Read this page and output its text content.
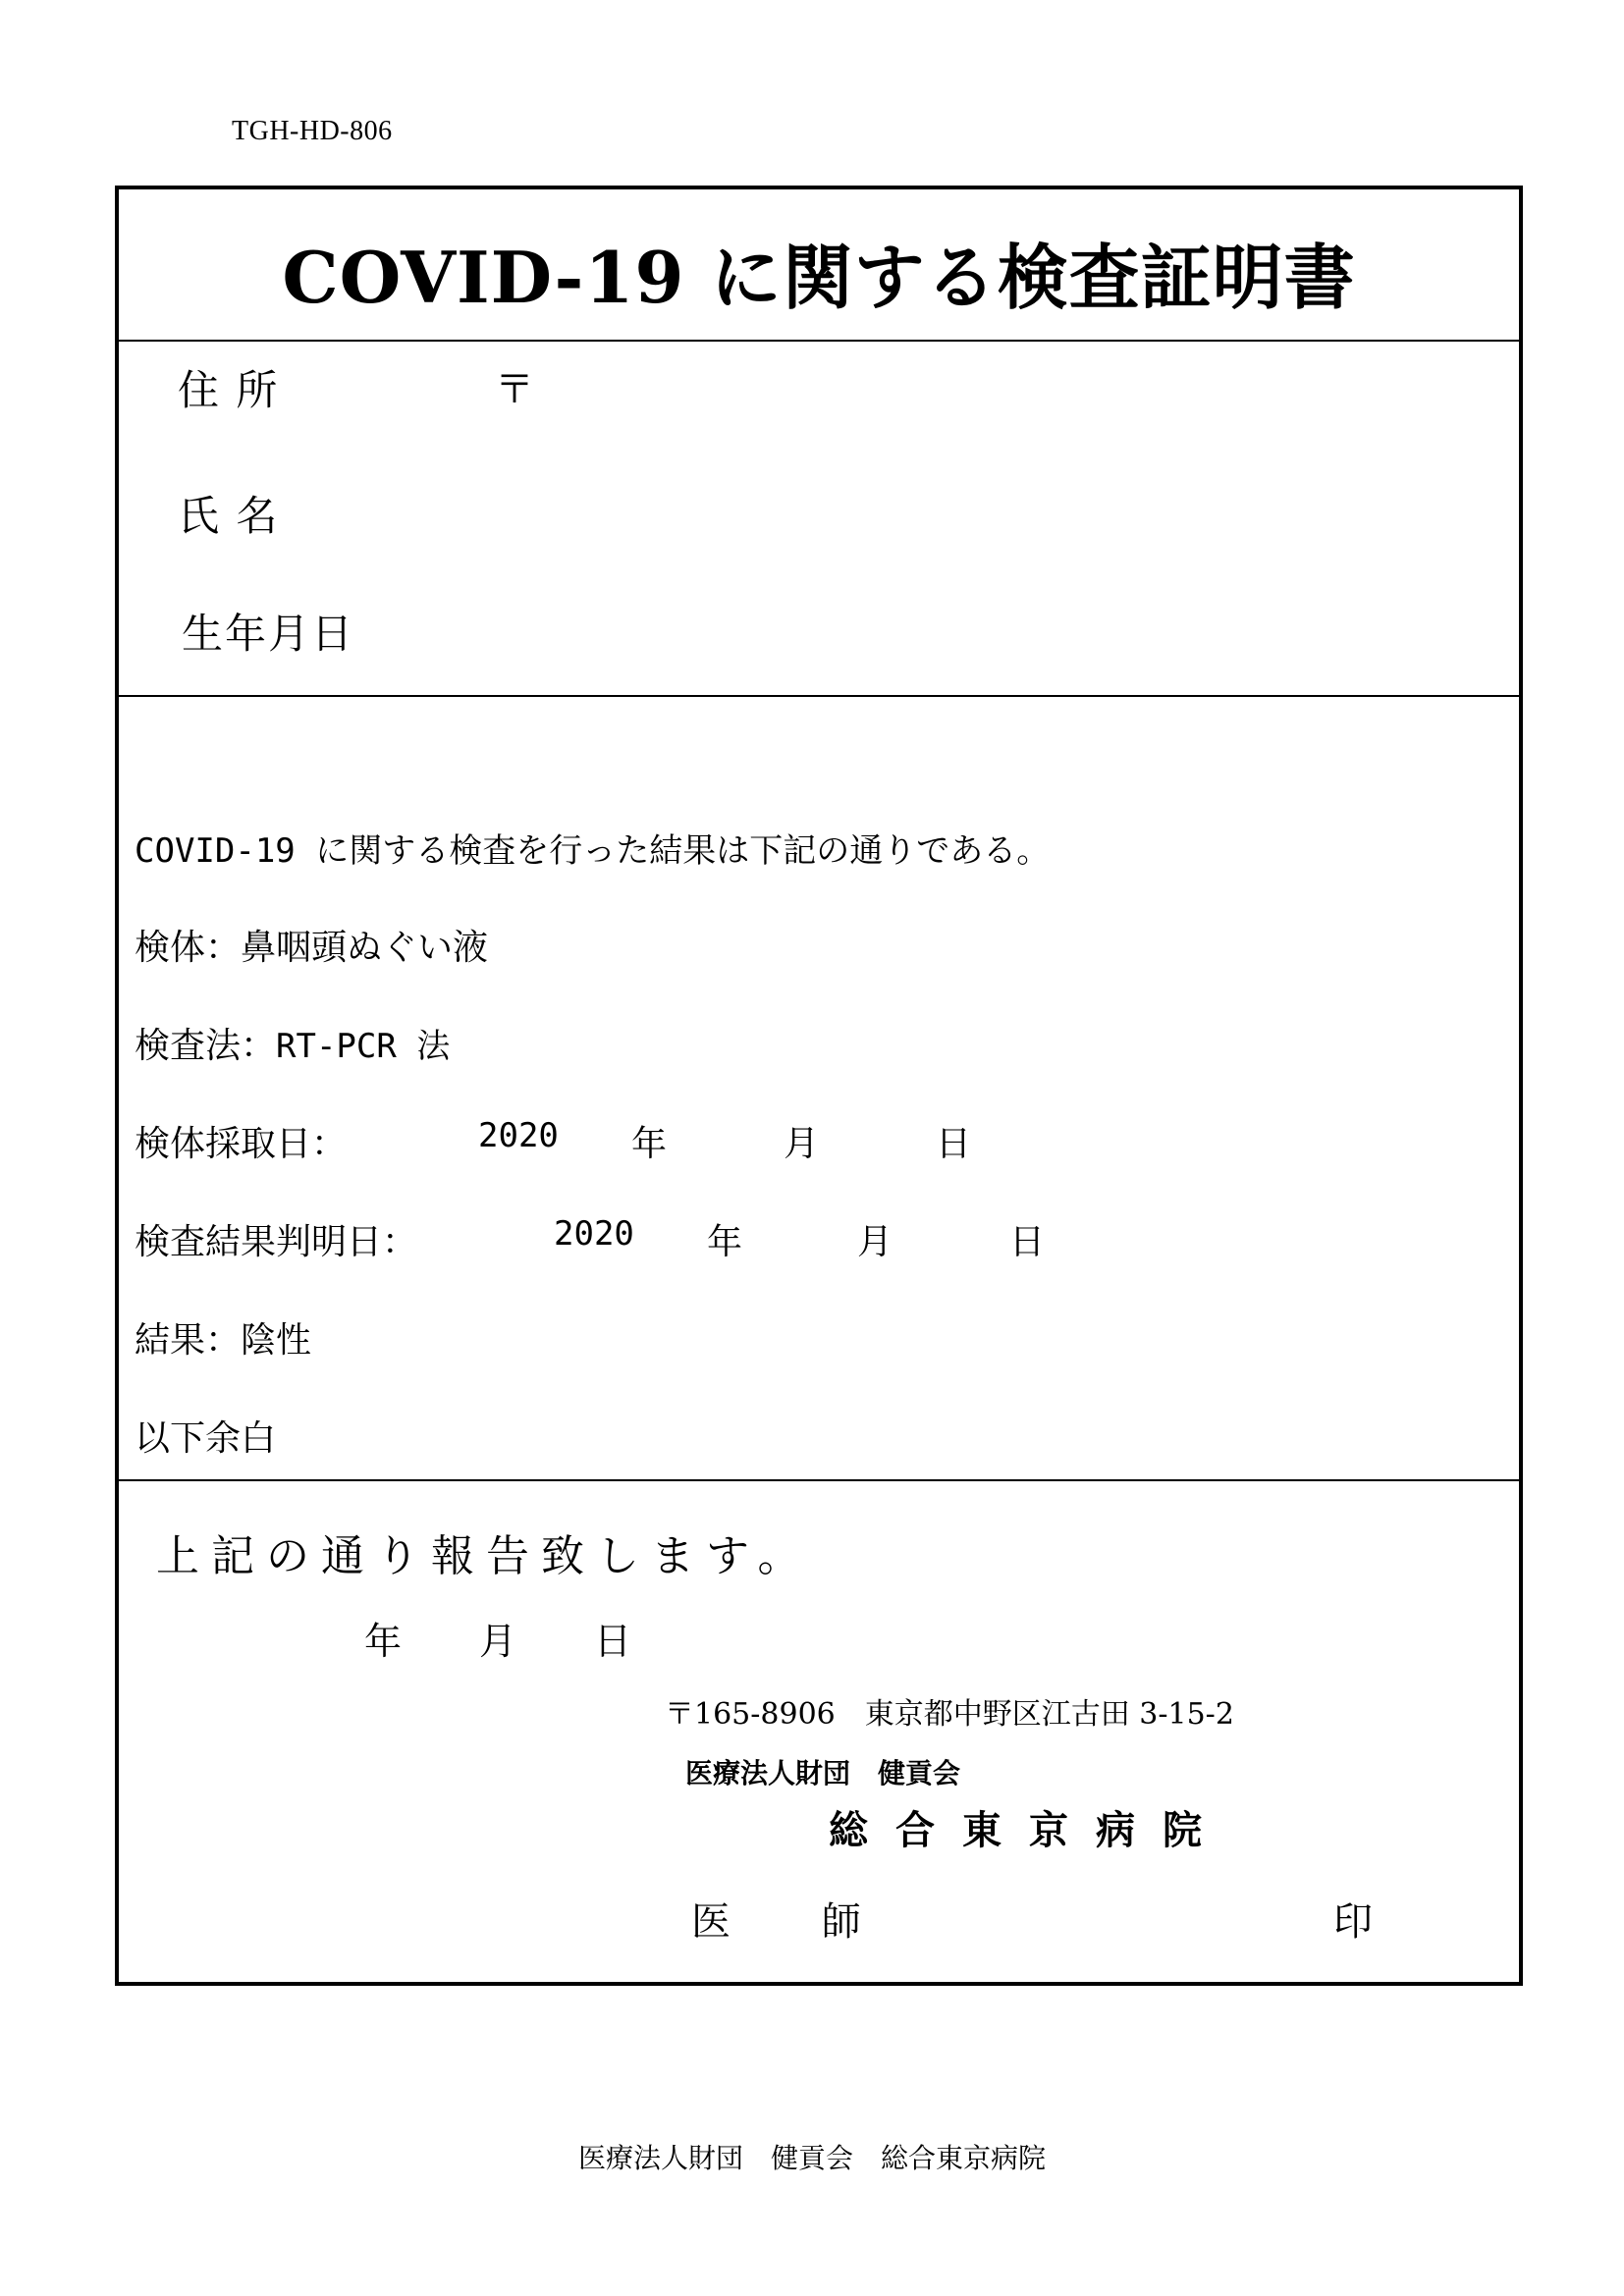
TGH-HD-806
COVID-19 に関する検査証明書
住 所	〒
氏 名
生年月日
COVID-19 に関する検査を行った結果は下記の通りである。
検体：鼻咽頭ぬぐい液
検査法：RT-PCR 法
検体採取日：	2020 年	月	日
検査結果判明日：	2020 年	月	日
結果：陰性
以下余白
上記の通り報告致します。
年 月 日
〒165-8906　東京都中野区江古田 3-15-2
医療法人財団　健貢会
総合東京病院
医 師	印
医療法人財団　健貢会　総合東京病院
